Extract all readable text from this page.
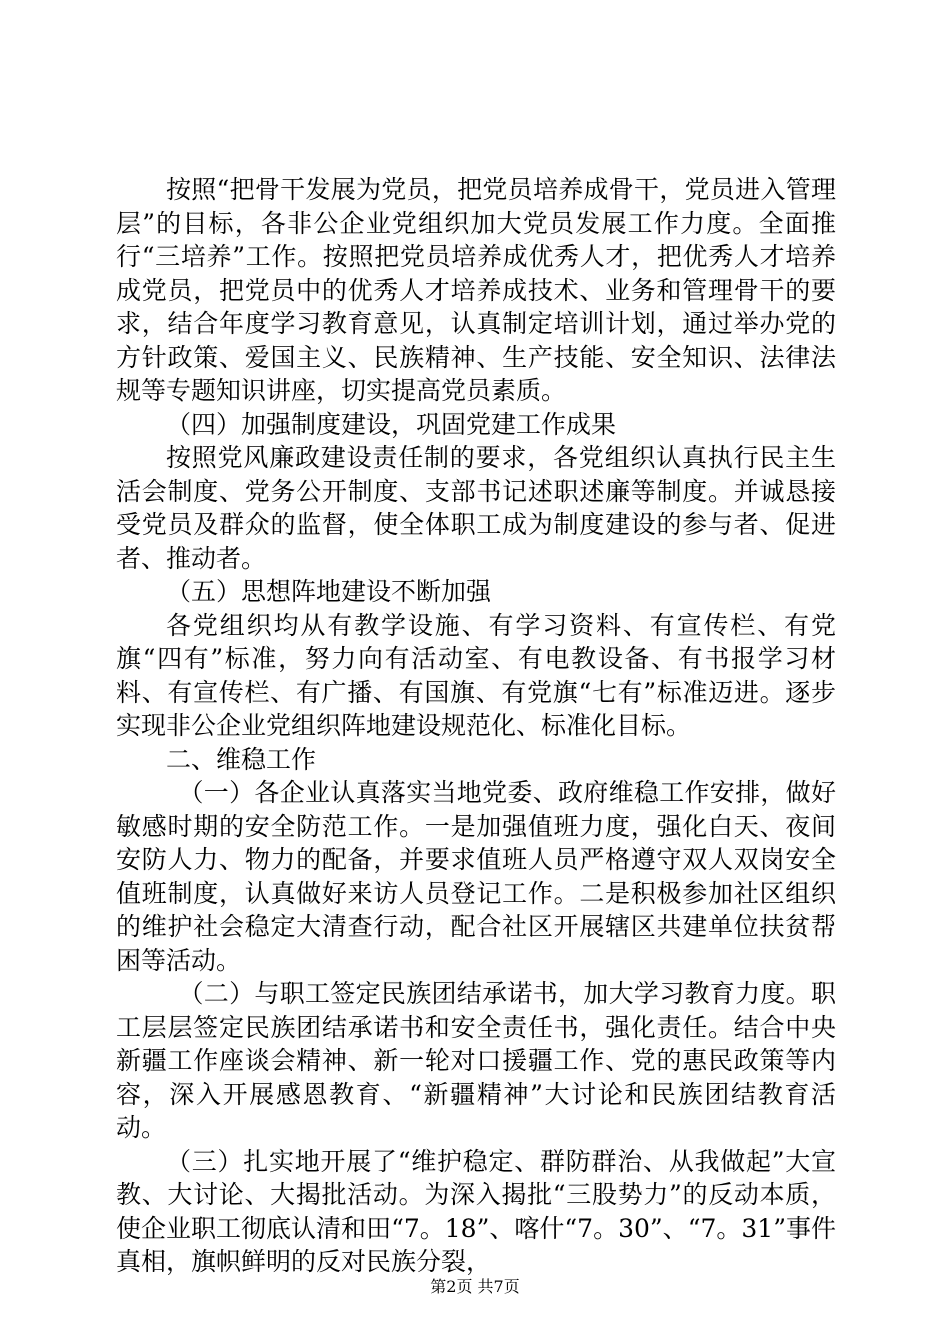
按照“把骨干发展为党员，把党员培养成骨干，党员进入管理层”的目标，各非公企业党组织加大党员发展工作力度。全面推行“三培养”工作。按照把党员培养成优秀人才，把优秀人才培养成党员，把党员中的优秀人才培养成技术、业务和管理骨干的要求，结合年度学习教育意见，认真制定培训计划，通过举办党的方针政策、爱国主义、民族精神、生产技能、安全知识、法律法规等专题知识讲座，切实提高党员素质。

（四）加强制度建设，巩固党建工作成果

按照党风廉政建设责任制的要求，各党组织认真执行民主生活会制度、党务公开制度、支部书记述职述廉等制度。并诚恳接受党员及群众的监督，使全体职工成为制度建设的参与者、促进者、推动者。

（五）思想阵地建设不断加强

各党组织均从有教学设施、有学习资料、有宣传栏、有党旗“四有”标准，努力向有活动室、有电教设备、有书报学习材料、有宣传栏、有广播、有国旗、有党旗“七有”标准迈进。逐步实现非公企业党组织阵地建设规范化、标准化目标。

二、维稳工作

（一）各企业认真落实当地党委、政府维稳工作安排，做好敏感时期的安全防范工作。一是加强值班力度，强化白天、夜间安防人力、物力的配备，并要求值班人员严格遵守双人双岗安全值班制度，认真做好来访人员登记工作。二是积极参加社区组织的维护社会稳定大清查行动，配合社区开展辖区共建单位扶贫帮困等活动。

（二）与职工签定民族团结承诺书，加大学习教育力度。职工层层签定民族团结承诺书和安全责任书，强化责任。结合中央新疆工作座谈会精神、新一轮对口援疆工作、党的惠民政策等内容，深入开展感恩教育、“新疆精神”大讨论和民族团结教育活动。

（三）扎实地开展了“维护稳定、群防群治、从我做起”大宣教、大讨论、大揭批活动。为深入揭批“三股势力”的反动本质，使企业职工彻底认清和田“7。18”、喀什“7。30”、“7。31”事件真相，旗帜鲜明的反对民族分裂，

第2页 共7页
